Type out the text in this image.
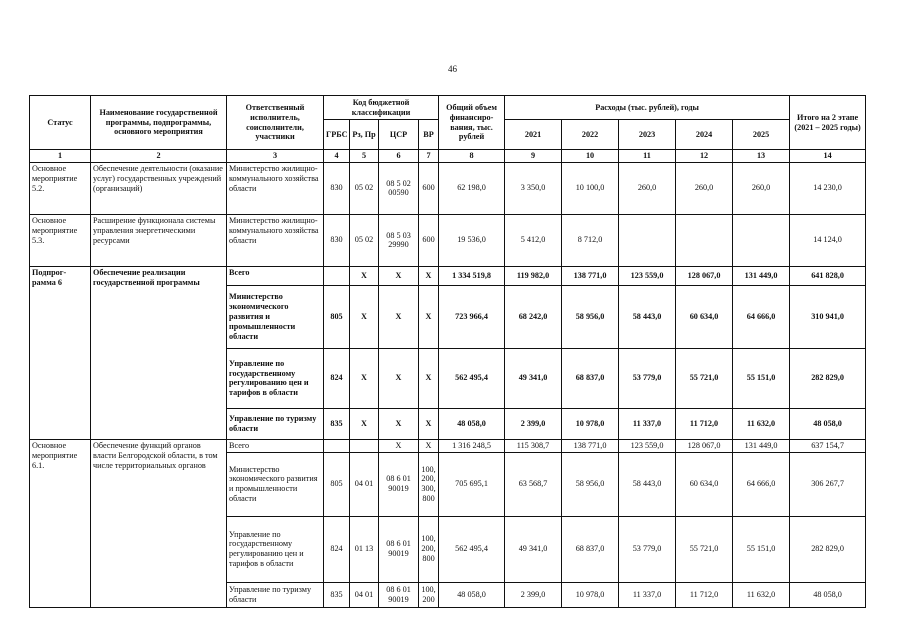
46
Статус	Наименование государственной программы, подпрограммы, основного мероприятия	Ответственный исполнитель, соисполнители, участники	Код бюджетной классификации				Общий объем финансиро-вания, тыс. рублей	Расходы (тыс. рублей), годы					Итого на 2 этапе (2021 – 2025 годы)
			ГРБС	Рз, Пр	ЦСР	ВР		2021	2022	2023	2024	2025	
1	2	3	4	5	6	7	8	9	10	11	12	13	14
Основное мероприятие 5.2.	Обеспечение деятельности (оказание услуг) государственных учреждений (организаций)	Министерство жилищно-коммунального хозяйства области	830	05 02	08 5 02 00590	600	62 198,0	3 350,0	10 100,0	260,0	260,0	260,0	14 230,0
Основное мероприятие 5.3.	Расширение функционала системы управления энергетическими ресурсами	Министерство жилищно-коммунального хозяйства области	830	05 02	08 5 03 29990	600	19 536,0	5 412,0	8 712,0				14 124,0
Подпрог-рамма 6	Обеспечение реализации государственной программы	Всего		X	X	X	1 334 519,8	119 982,0	138 771,0	123 559,0	128 067,0	131 449,0	641 828,0
		Министерство экономического развития и промышленности области	805	X	X	X	723 966,4	68 242,0	58 956,0	58 443,0	60 634,0	64 666,0	310 941,0
		Управление по государственному регулированию цен и тарифов в области	824	X	X	X	562 495,4	49 341,0	68 837,0	53 779,0	55 721,0	55 151,0	282 829,0
		Управление по туризму области	835	X	X	X	48 058,0	2 399,0	10 978,0	11 337,0	11 712,0	11 632,0	48 058,0
Основное мероприятие 6.1.	Обеспечение функций органов власти Белгородской области, в том числе территориальных органов	Всего			X	X	1 316 248,5	115 308,7	138 771,0	123 559,0	128 067,0	131 449,0	637 154,7
		Министерство экономического развития и промышленности области	805	04 01	08 6 01 90019	100, 200, 300, 800	705 695,1	63 568,7	58 956,0	58 443,0	60 634,0	64 666,0	306 267,7
		Управление по государственному регулированию цен и тарифов в области	824	01 13	08 6 01 90019	100, 200, 800	562 495,4	49 341,0	68 837,0	53 779,0	55 721,0	55 151,0	282 829,0
		Управление по туризму области	835	04 01	08 6 01 90019	100, 200	48 058,0	2 399,0	10 978,0	11 337,0	11 712,0	11 632,0	48 058,0
